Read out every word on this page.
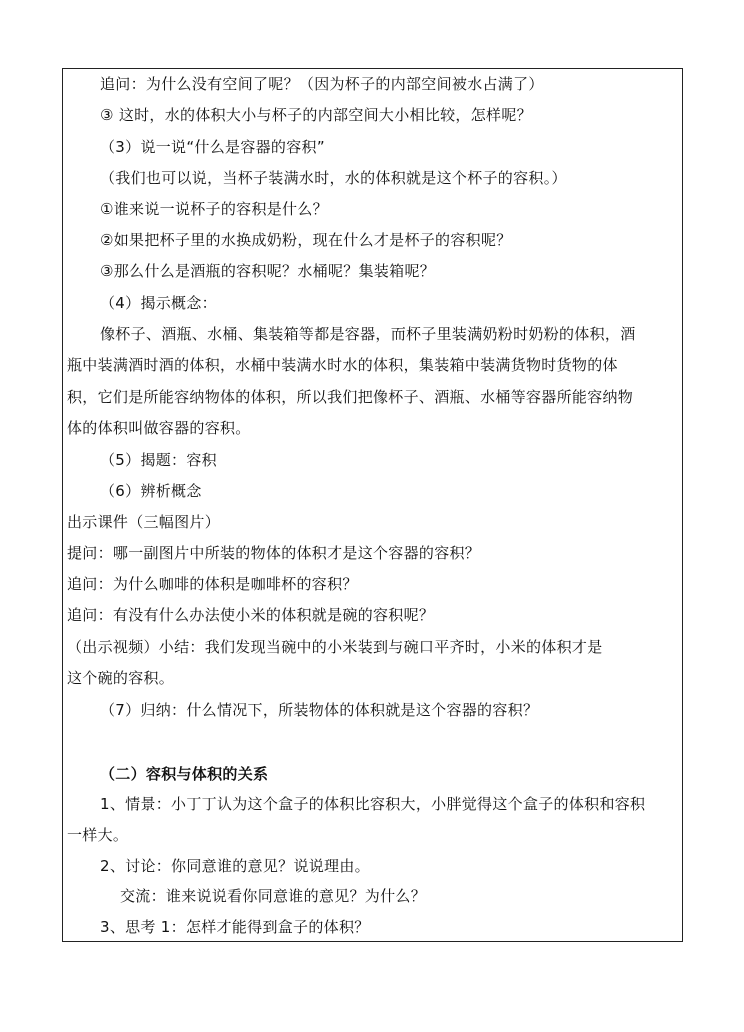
追问：为什么没有空间了呢？（因为杯子的内部空间被水占满了）
③ 这时，水的体积大小与杯子的内部空间大小相比较，怎样呢？
（3）说一说“什么是容器的容积”
（我们也可以说，当杯子装满水时，水的体积就是这个杯子的容积。）
①谁来说一说杯子的容积是什么？
②如果把杯子里的水换成奶粉，现在什么才是杯子的容积呢？
③那么什么是酒瓶的容积呢？水桶呢？集装箱呢？
（4）揭示概念：
像杯子、酒瓶、水桶、集装箱等都是容器，而杯子里装满奶粉时奶粉的体积，酒
瓶中装满酒时酒的体积，水桶中装满水时水的体积，集装箱中装满货物时货物的体
积，它们是所能容纳物体的体积，所以我们把像杯子、酒瓶、水桶等容器所能容纳物
体的体积叫做容器的容积。
（5）揭题：容积
（6）辨析概念
出示课件（三幅图片）
提问：哪一副图片中所装的物体的体积才是这个容器的容积？
追问：为什么咖啡的体积是咖啡杯的容积？
追问：有没有什么办法使小米的体积就是碗的容积呢？
（出示视频）小结：我们发现当碗中的小米装到与碗口平齐时，小米的体积才是
这个碗的容积。
（7）归纳：什么情况下，所装物体的体积就是这个容器的容积？
（二）容积与体积的关系
1、情景：小丁丁认为这个盒子的体积比容积大，小胖觉得这个盒子的体积和容积
一样大。
2、讨论：你同意谁的意见？说说理由。
交流：谁来说说看你同意谁的意见？为什么？
3、思考 1：怎样才能得到盒子的体积？
